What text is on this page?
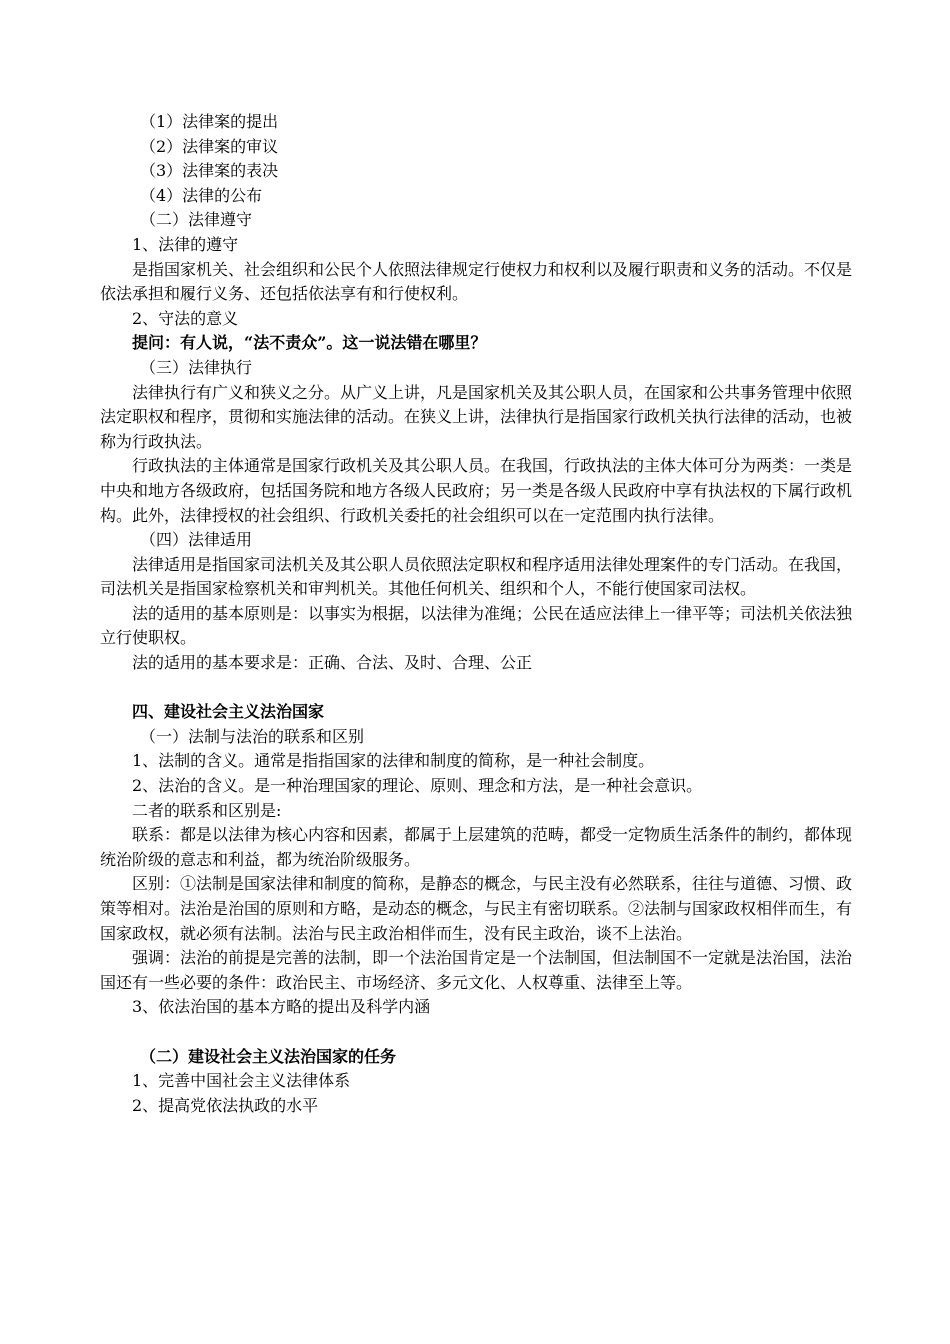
（1）法律案的提出

（2）法律案的审议

（3）法律案的表决

（4）法律的公布

（二）法律遵守

1、法律的遵守

是指国家机关、社会组织和公民个人依照法律规定行使权力和权利以及履行职责和义务的活动。不仅是依法承担和履行义务、还包括依法享有和行使权利。

2、守法的意义

提问：有人说，“法不责众”。这一说法错在哪里？

（三）法律执行

法律执行有广义和狭义之分。从广义上讲，凡是国家机关及其公职人员，在国家和公共事务管理中依照法定职权和程序，贯彻和实施法律的活动。在狭义上讲，法律执行是指国家行政机关执行法律的活动，也被称为行政执法。

行政执法的主体通常是国家行政机关及其公职人员。在我国，行政执法的主体大体可分为两类：一类是中央和地方各级政府，包括国务院和地方各级人民政府；另一类是各级人民政府中享有执法权的下属行政机构。此外，法律授权的社会组织、行政机关委托的社会组织可以在一定范围内执行法律。

（四）法律适用

法律适用是指国家司法机关及其公职人员依照法定职权和程序适用法律处理案件的专门活动。在我国，司法机关是指国家检察机关和审判机关。其他任何机关、组织和个人，不能行使国家司法权。

法的适用的基本原则是：以事实为根据，以法律为准绳；公民在适应法律上一律平等；司法机关依法独立行使职权。

法的适用的基本要求是：正确、合法、及时、合理、公正

四、建设社会主义法治国家

（一）法制与法治的联系和区别

1、法制的含义。通常是指指国家的法律和制度的简称，是一种社会制度。

2、法治的含义。是一种治理国家的理论、原则、理念和方法，是一种社会意识。

二者的联系和区别是:

联系：都是以法律为核心内容和因素，都属于上层建筑的范畴，都受一定物质生活条件的制约，都体现统治阶级的意志和利益，都为统治阶级服务。

区别：①法制是国家法律和制度的简称，是静态的概念，与民主没有必然联系，往往与道德、习惯、政策等相对。法治是治国的原则和方略，是动态的概念，与民主有密切联系。②法制与国家政权相伴而生，有国家政权，就必须有法制。法治与民主政治相伴而生，没有民主政治，谈不上法治。

强调：法治的前提是完善的法制，即一个法治国肯定是一个法制国，但法制国不一定就是法治国，法治国还有一些必要的条件：政治民主、市场经济、多元文化、人权尊重、法律至上等。

3、依法治国的基本方略的提出及科学内涵

（二）建设社会主义法治国家的任务

1、完善中国社会主义法律体系

2、提高党依法执政的水平
